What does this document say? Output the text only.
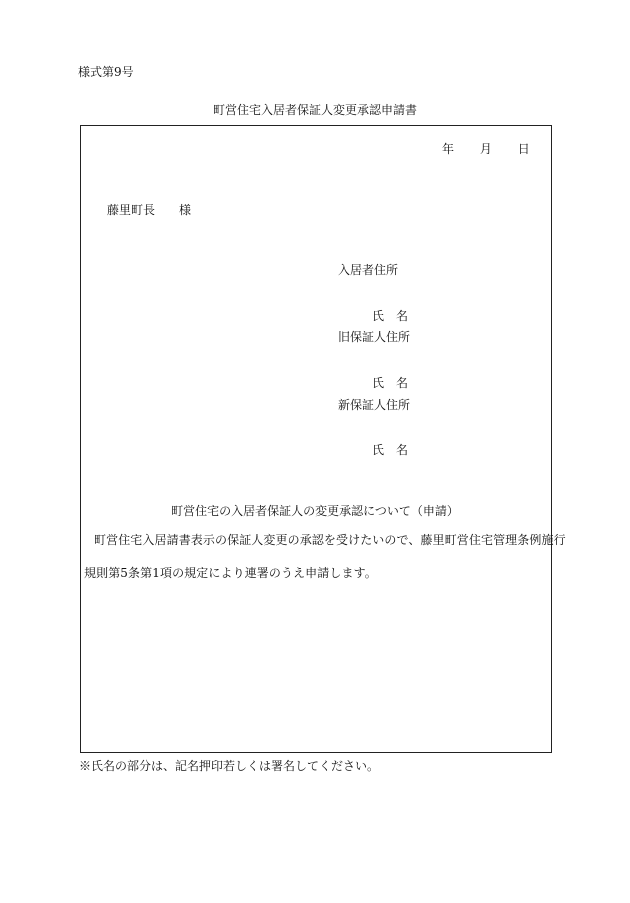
様式第9号
町営住宅入居者保証人変更承認申請書
年 月 日
藤里町長 様
入居者住所
氏 名
旧保証人住所
氏 名
新保証人住所
氏 名
町営住宅の入居者保証人の変更承認について（申請）
町営住宅入居請書表示の保証人変更の承認を受けたいので、藤里町営住宅管理条例施行
規則第5条第1項の規定により連署のうえ申請します。
※氏名の部分は、記名押印若しくは署名してください。
